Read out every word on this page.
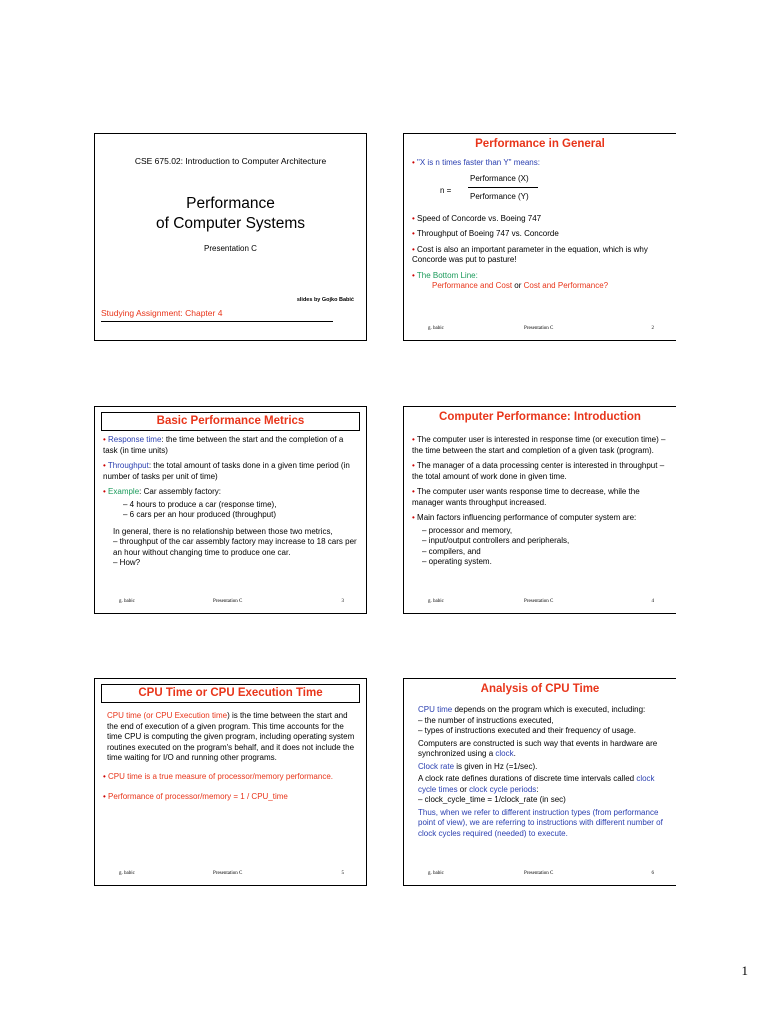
CSE 675.02: Introduction to Computer Architecture
Performance
of Computer Systems
Presentation C
slides by Gojko Babić
Studying Assignment: Chapter 4
Performance in General
• "X is n times faster than Y" means:
n =
Performance (X)
Performance (Y)
• Speed of Concorde vs. Boeing 747
• Throughput of Boeing 747 vs. Concorde
• Cost is also an important parameter in the equation, which is why Concorde was put to pasture!
• The Bottom Line:
Performance and Cost or Cost and Performance?
g. babic	Presentation C	2
Basic Performance Metrics
• Response time: the time between the start and the completion of a task (in time units)
• Throughput: the total amount of tasks done in a given time period (in number of tasks per unit of time)
• Example: Car assembly factory:
– 4 hours to produce a car (response time),
– 6 cars per an hour produced (throughput)
In general, there is no relationship between those two metrics,
– throughput of the car assembly factory may increase to 18 cars per an hour without changing time to produce one car.
– How?
g. babic	Presentation C	3
Computer Performance: Introduction
• The computer user is interested in response time (or execution time) – the time between the start and completion of a given task (program).
• The manager of a data processing center is interested in throughput – the total amount of work done in given time.
• The computer user wants response time to decrease, while the manager wants throughput increased.
• Main factors influencing performance of computer system are:
– processor and memory,
– input/output controllers and peripherals,
– compilers, and
– operating system.
g. babic	Presentation C	4
CPU Time or CPU Execution Time
CPU time (or CPU Execution time) is the time between the start and the end of execution of a given program. This time accounts for the time CPU is computing the given program, including operating system routines executed on the program's behalf, and it does not include the time waiting for I/O and running other programs.
• CPU time is a true measure of processor/memory performance.
• Performance of processor/memory = 1 / CPU_time
g. babic	Presentation C	5
Analysis of CPU Time
CPU time depends on the program which is executed, including:
– the number of instructions executed,
– types of instructions executed and their frequency of usage.
Computers are constructed is such way that events in hardware are synchronized using a clock.
Clock rate is given in Hz (=1/sec).
A clock rate defines durations of discrete time intervals called clock cycle times or clock cycle periods:
– clock_cycle_time = 1/clock_rate (in sec)
Thus, when we refer to different instruction types (from performance point of view), we are referring to instructions with different number of clock cycles required (needed) to execute.
g. babic	Presentation C	6
1
